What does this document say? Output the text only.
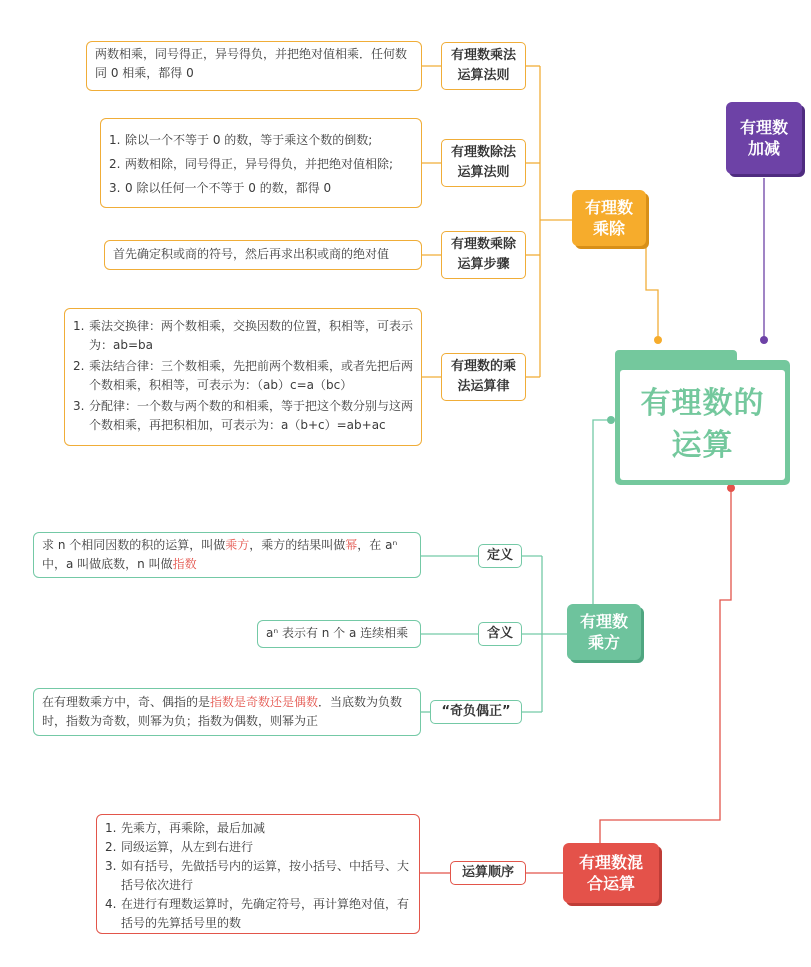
有理数的运算
有理数加减
有理数乘除
有理数乘方
有理数混合运算
有理数乘法运算法则
有理数除法运算法则
有理数乘除运算步骤
有理数的乘法运算律
两数相乘，同号得正，异号得负，并把绝对值相乘．任何数同 0 相乘，都得 0
1. 除以一个不等于 0 的数，等于乘这个数的倒数;
2. 两数相除，同号得正，异号得负，并把绝对值相除;
3. 0 除以任何一个不等于 0 的数，都得 0
首先确定积或商的符号，然后再求出积或商的绝对值
1. 乘法交换律：两个数相乘，交换因数的位置，积相等，可表示为：ab=ba
2. 乘法结合律：三个数相乘，先把前两个数相乘，或者先把后两个数相乘，积相等，可表示为：（ab）c=a（bc）
3. 分配律：一个数与两个数的和相乘，等于把这个数分别与这两个数相乘，再把积相加，可表示为：a（b+c）=ab+ac
定义
含义
“奇负偶正”
求 n 个相同因数的积的运算，叫做乘方，乘方的结果叫做幂，在 aⁿ 中，a 叫做底数，n 叫做指数
aⁿ 表示有 n 个 a 连续相乘
在有理数乘方中，奇、偶指的是指数是奇数还是偶数．当底数为负数时，指数为奇数，则幂为负；指数为偶数，则幂为正
运算顺序
1. 先乘方，再乘除，最后加减
2. 同级运算，从左到右进行
3. 如有括号，先做括号内的运算，按小括号、中括号、大括号依次进行
4. 在进行有理数运算时，先确定符号，再计算绝对值，有括号的先算括号里的数
